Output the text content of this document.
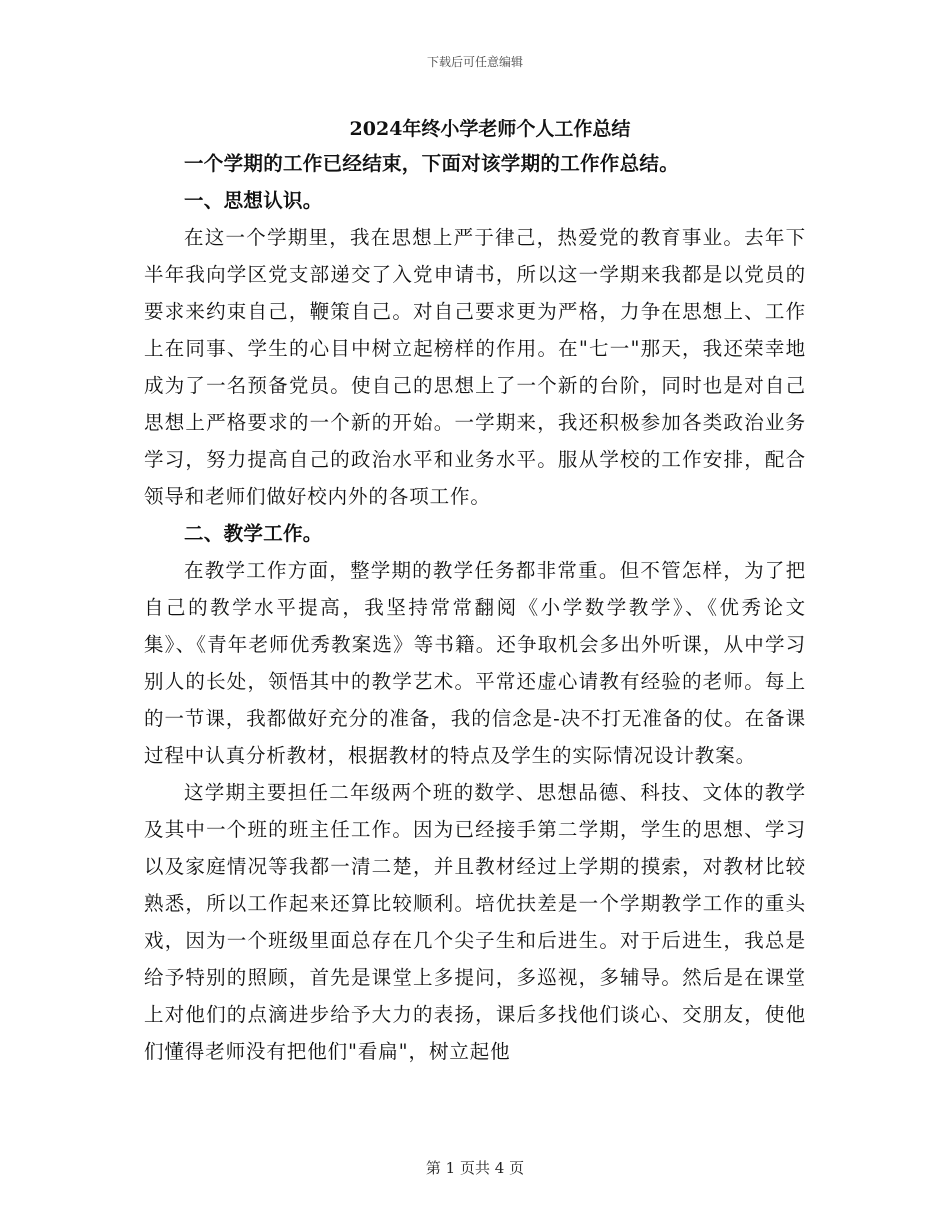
下载后可任意编辑

2024年终小学老师个人工作总结

一个学期的工作已经结束，下面对该学期的工作作总结。

一、思想认识。

在这一个学期里，我在思想上严于律己，热爱党的教育事业。去年下半年我向学区党支部递交了入党申请书，所以这一学期来我都是以党员的要求来约束自己，鞭策自己。对自己要求更为严格，力争在思想上、工作上在同事、学生的心目中树立起榜样的作用。在"七一"那天，我还荣幸地成为了一名预备党员。使自己的思想上了一个新的台阶，同时也是对自己思想上严格要求的一个新的开始。一学期来，我还积极参加各类政治业务学习，努力提高自己的政治水平和业务水平。服从学校的工作安排，配合领导和老师们做好校内外的各项工作。

二、教学工作。

在教学工作方面，整学期的教学任务都非常重。但不管怎样，为了把自己的教学水平提高，我坚持常常翻阅《小学数学教学》、《优秀论文集》、《青年老师优秀教案选》等书籍。还争取机会多出外听课，从中学习别人的长处，领悟其中的教学艺术。平常还虚心请教有经验的老师。每上的一节课，我都做好充分的准备，我的信念是-决不打无准备的仗。在备课过程中认真分析教材，根据教材的特点及学生的实际情况设计教案。

这学期主要担任二年级两个班的数学、思想品德、科技、文体的教学及其中一个班的班主任工作。因为已经接手第二学期，学生的思想、学习以及家庭情况等我都一清二楚，并且教材经过上学期的摸索，对教材比较熟悉，所以工作起来还算比较顺利。培优扶差是一个学期教学工作的重头戏，因为一个班级里面总存在几个尖子生和后进生。对于后进生，我总是给予特别的照顾，首先是课堂上多提问，多巡视，多辅导。然后是在课堂上对他们的点滴进步给予大力的表扬，课后多找他们谈心、交朋友，使他们懂得老师没有把他们"看扁"，树立起他

第 1 页共 4 页
